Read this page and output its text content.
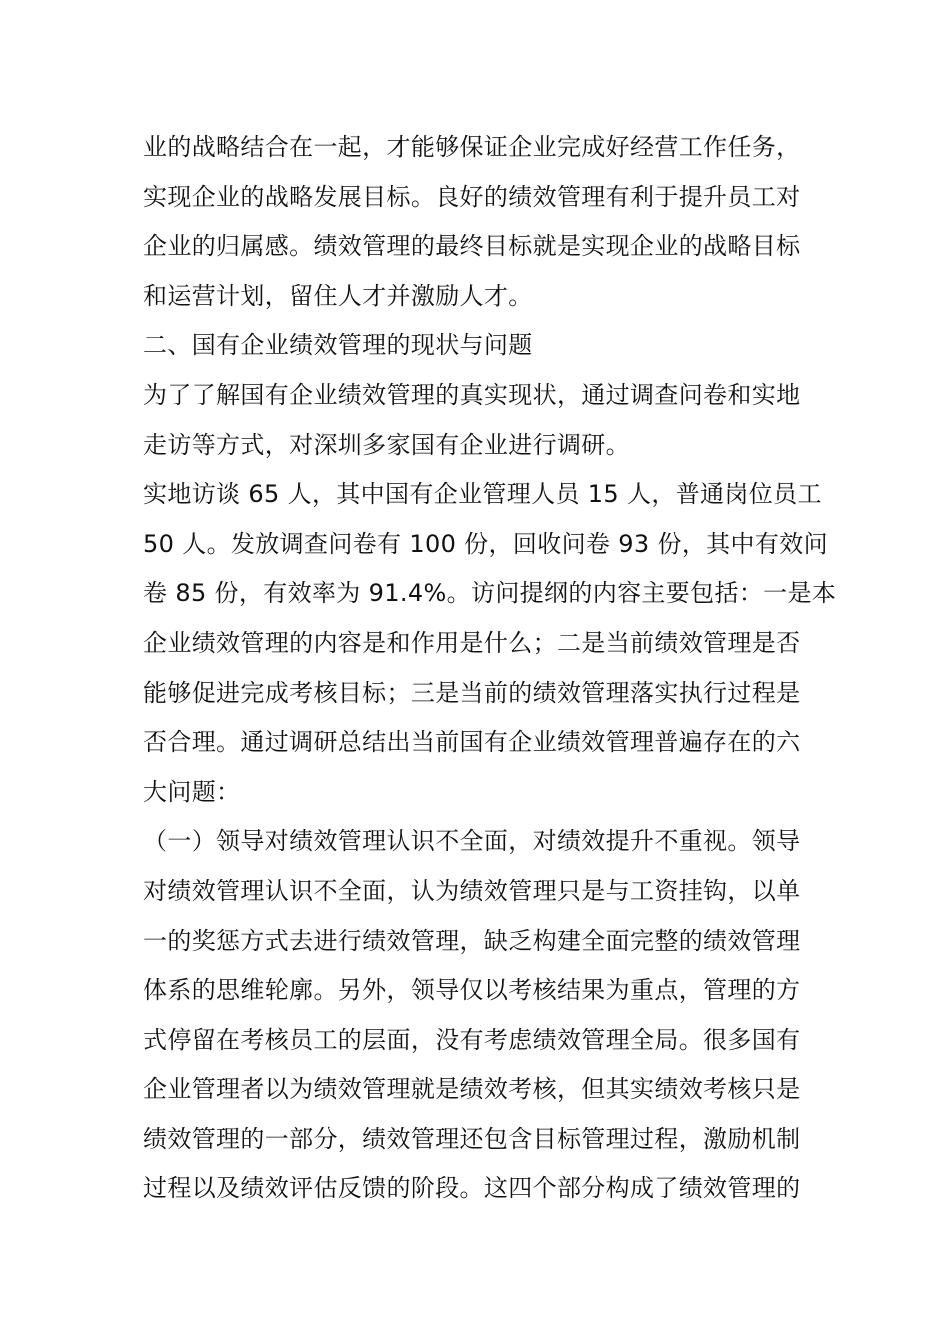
业的战略结合在一起，才能够保证企业完成好经营工作任务，
实现企业的战略发展目标。良好的绩效管理有利于提升员工对
企业的归属感。绩效管理的最终目标就是实现企业的战略目标
和运营计划，留住人才并激励人才。
二、国有企业绩效管理的现状与问题
为了了解国有企业绩效管理的真实现状，通过调查问卷和实地
走访等方式，对深圳多家国有企业进行调研。
实地访谈 65 人，其中国有企业管理人员 15 人，普通岗位员工
50 人。发放调查问卷有 100 份，回收问卷 93 份，其中有效问
卷 85 份，有效率为 91.4%。访问提纲的内容主要包括：一是本
企业绩效管理的内容是和作用是什么；二是当前绩效管理是否
能够促进完成考核目标；三是当前的绩效管理落实执行过程是
否合理。通过调研总结出当前国有企业绩效管理普遍存在的六
大问题：
（一）领导对绩效管理认识不全面，对绩效提升不重视。领导
对绩效管理认识不全面，认为绩效管理只是与工资挂钩，以单
一的奖惩方式去进行绩效管理，缺乏构建全面完整的绩效管理
体系的思维轮廓。另外，领导仅以考核结果为重点，管理的方
式停留在考核员工的层面，没有考虑绩效管理全局。很多国有
企业管理者以为绩效管理就是绩效考核，但其实绩效考核只是
绩效管理的一部分，绩效管理还包含目标管理过程，激励机制
过程以及绩效评估反馈的阶段。这四个部分构成了绩效管理的
